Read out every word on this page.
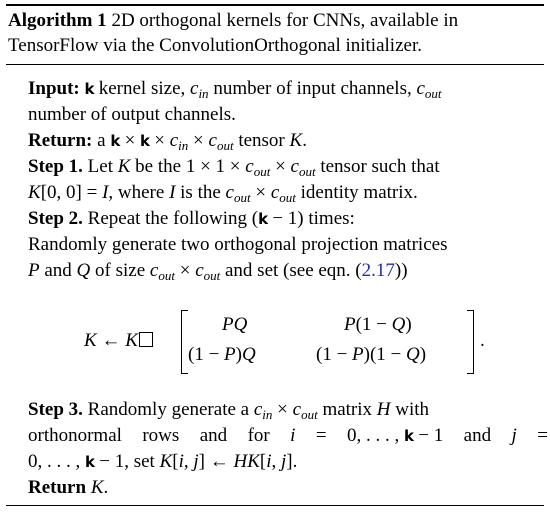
Algorithm 1 2D orthogonal kernels for CNNs, available in
TensorFlow via the ConvolutionOrthogonal initializer.
Input: k kernel size, $c_{in}$ number of input channels, $c_{out}$
number of output channels.
Return: a $k \times k \times c_{in} \times c_{out}$ tensor K.
Step 1. Let K be the $1 \times 1 \times c_{out} \times c_{out}$ tensor such that
K[0, 0] = I, where I is the $c_{out} \times c_{out}$ identity matrix.
Step 2. Repeat the following (k − 1) times:
Randomly generate two orthogonal projection matrices
P and Q of size $c_{out} \times c_{out}$ and set (see eqn. (2.17))
K ← K
PQ	P(1 − Q)
(1 − P)Q	(1 − P)(1 − Q)
.
Step 3. Randomly generate a $c_{in} \times c_{out}$ matrix H with
orthonormal rows and for i = 0, . . . , k − 1 and j =
0, . . . , k − 1, set K[i, j] ← HK[i, j].
Return K.
